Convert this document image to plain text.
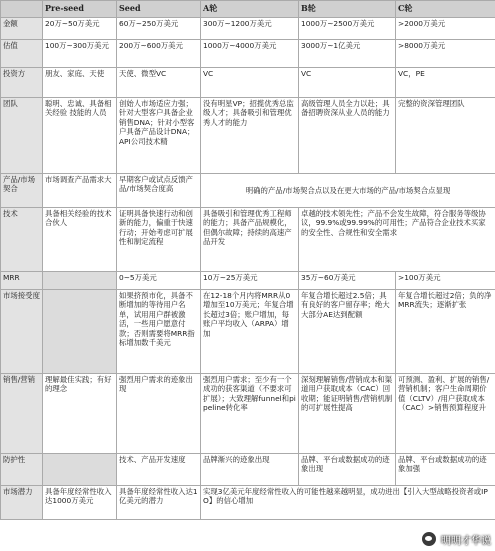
	Pre-seed	Seed	A轮	B轮	C轮
金额	20万~50万美元	60万~250万美元	300万~1200万美元	1000万~2500万美元	>2000万美元
估值	100万~300万美元	200万~600万美元	1000万~4000万美元	3000万~1亿美元	>8000万美元
投资方	朋友、家庭、天使	天使、微型VC	VC	VC	VC，PE
团队	聪明、忠诚、具备相关经验 技能的人员	创始人市场适应力强；针对大型客户具备企业销售DNA；针对小型客户具备产品设计DNA；API公司技术精	没有明星VP；招揽优秀总监级人才；具备吸引和管理优秀人才的能力	高级管理人员全力以赴；具备招聘资深从业人员的能力	完整的资深管理团队
产品/市场契合	市场调查产品需求大	早期客户或试点反馈产品/市场契合度高	明确的产品/市场契合点以及在更大市场的产品/市场契合点显现		
技术	具备相关经验的技术合伙人	证明具备快速行动和创新的能力，偏重于快速行动；开始考虑可扩展性和制定流程	具备吸引和管理优秀工程师的能力；具备产品规模化，但偶尔故障；持续的高速产品开发	卓越的技术领先性；产品不会发生故障，符合服务等级协议，99.9%或99.99%的可用性；产品符合企业技术买家的安全性、合规性和安全需求	
MRR		0~5万美元	10万~25万美元	35万~60万美元	>100万美元
市场接受度		如果挤预市化，具备不断增加的等待用户名单，试用用户群被激活，一些用户愿意付款；否则需要将MRR指标增加数千美元	在12-18个月内将MRR从0增加至10万美元；年复合增长超过3倍；账户增加，每账户平均收入（ARPA）增加	年复合增长超过2.5倍；具有良好的客户留存率；绝大大部分AE达到配额	年复合增长超过2倍；负的净MRR流失；逐渐扩张
销售/营销	理解最佳实践；有好的理念	强烈用户需求的迹象出现	强烈用户需求；至少有一个成功的获客渠道（不要求可扩展）；大致理解funnel和pipeline转化率	深刻理解销售/营销成本和渠道用户获取成本（CAC）回收期；能证明销售/营销机制的可扩展性提高	可预测、盈利、扩展的销售/营销机制；客户生命周期价值（CLTV）/用户获取成本（CAC）>销售预算程度升
防护性		技术、产品开发速度	品牌渐兴的迹象出现	品牌、平台或数据成功的迹象出现	品牌、平台或数据成功的迹象加强
市场潜力	具备年度经常性收入达1000万美元	具备年度经常性收入达1亿美元的潜力	实现3亿美元年度经常性收入的可能性越来越明显，成功进出【引入大型战略投资者或IPO】的信心增加		
明明才华说
